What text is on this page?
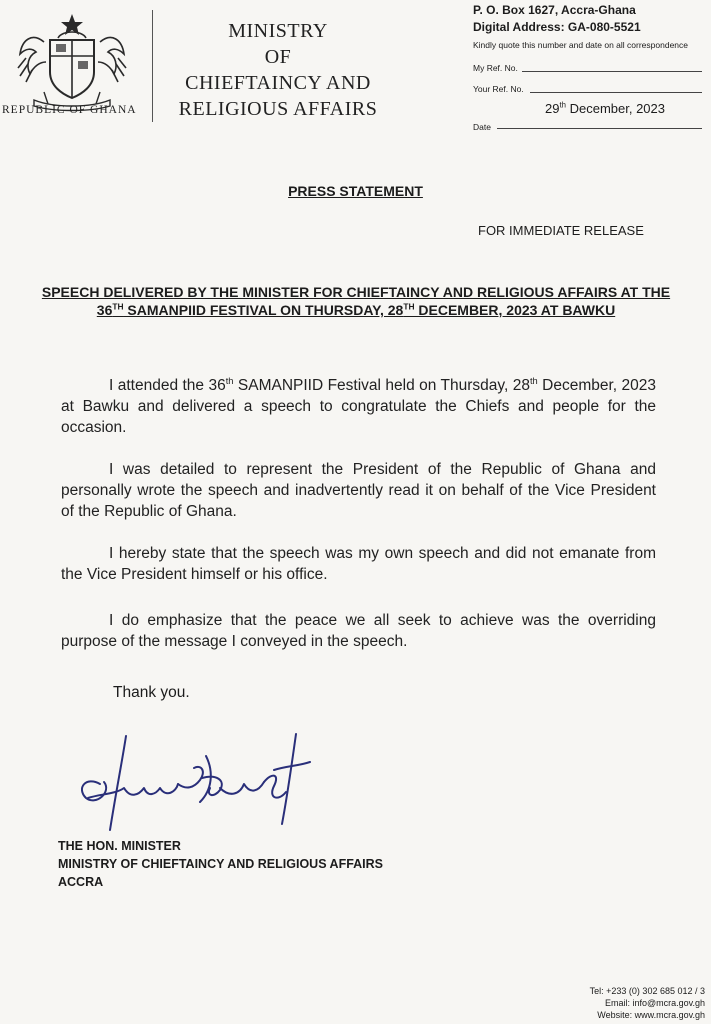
REPUBLIC OF GHANA
MINISTRY
OF
CHIEFTAINCY AND
RELIGIOUS AFFAIRS
P. O. Box 1627, Accra-Ghana
Digital Address: GA-080-5521
Kindly quote this number and date on all correspondence
My Ref. No.
Your Ref. No.
29th December, 2023
Date
PRESS STATEMENT
FOR IMMEDIATE RELEASE
SPEECH DELIVERED BY THE MINISTER FOR CHIEFTAINCY AND RELIGIOUS AFFAIRS AT THE 36TH SAMANPIID FESTIVAL ON THURSDAY, 28TH DECEMBER, 2023 AT BAWKU
I attended the 36th SAMANPIID Festival held on Thursday, 28th December, 2023 at Bawku and delivered a speech to congratulate the Chiefs and people for the occasion.
I was detailed to represent the President of the Republic of Ghana and personally wrote the speech and inadvertently read it on behalf of the Vice President of the Republic of Ghana.
I hereby state that the speech was my own speech and did not emanate from the Vice President himself or his office.
I do emphasize that the peace we all seek to achieve was the overriding purpose of the message I conveyed in the speech.
Thank you.
THE HON. MINISTER
MINISTRY OF CHIEFTAINCY AND RELIGIOUS AFFAIRS
ACCRA
Tel: +233 (0) 302 685 012 / 3
Email: info@mcra.gov.gh
Website: www.mcra.gov.gh
